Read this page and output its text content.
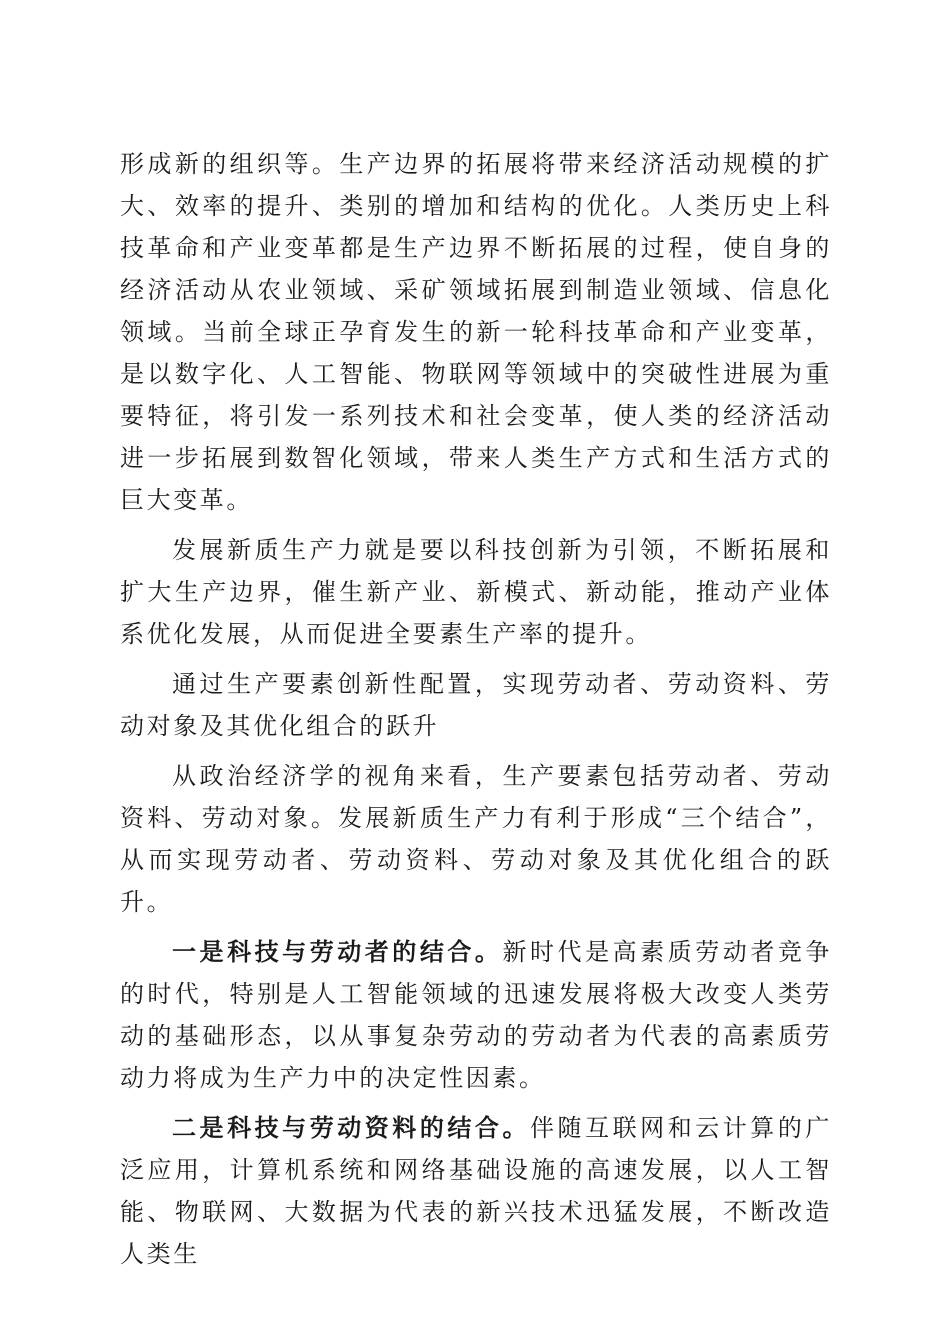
形成新的组织等。生产边界的拓展将带来经济活动规模的扩大、效率的提升、类别的增加和结构的优化。人类历史上科技革命和产业变革都是生产边界不断拓展的过程，使自身的经济活动从农业领域、采矿领域拓展到制造业领域、信息化领域。当前全球正孕育发生的新一轮科技革命和产业变革，是以数字化、人工智能、物联网等领域中的突破性进展为重要特征，将引发一系列技术和社会变革，使人类的经济活动进一步拓展到数智化领域，带来人类生产方式和生活方式的巨大变革。

发展新质生产力就是要以科技创新为引领，不断拓展和扩大生产边界，催生新产业、新模式、新动能，推动产业体系优化发展，从而促进全要素生产率的提升。

通过生产要素创新性配置，实现劳动者、劳动资料、劳动对象及其优化组合的跃升

从政治经济学的视角来看，生产要素包括劳动者、劳动资料、劳动对象。发展新质生产力有利于形成“三个结合”，从而实现劳动者、劳动资料、劳动对象及其优化组合的跃升。

一是科技与劳动者的结合。新时代是高素质劳动者竞争的时代，特别是人工智能领域的迅速发展将极大改变人类劳动的基础形态，以从事复杂劳动的劳动者为代表的高素质劳动力将成为生产力中的决定性因素。

二是科技与劳动资料的结合。伴随互联网和云计算的广泛应用，计算机系统和网络基础设施的高速发展，以人工智能、物联网、大数据为代表的新兴技术迅猛发展，不断改造人类生
